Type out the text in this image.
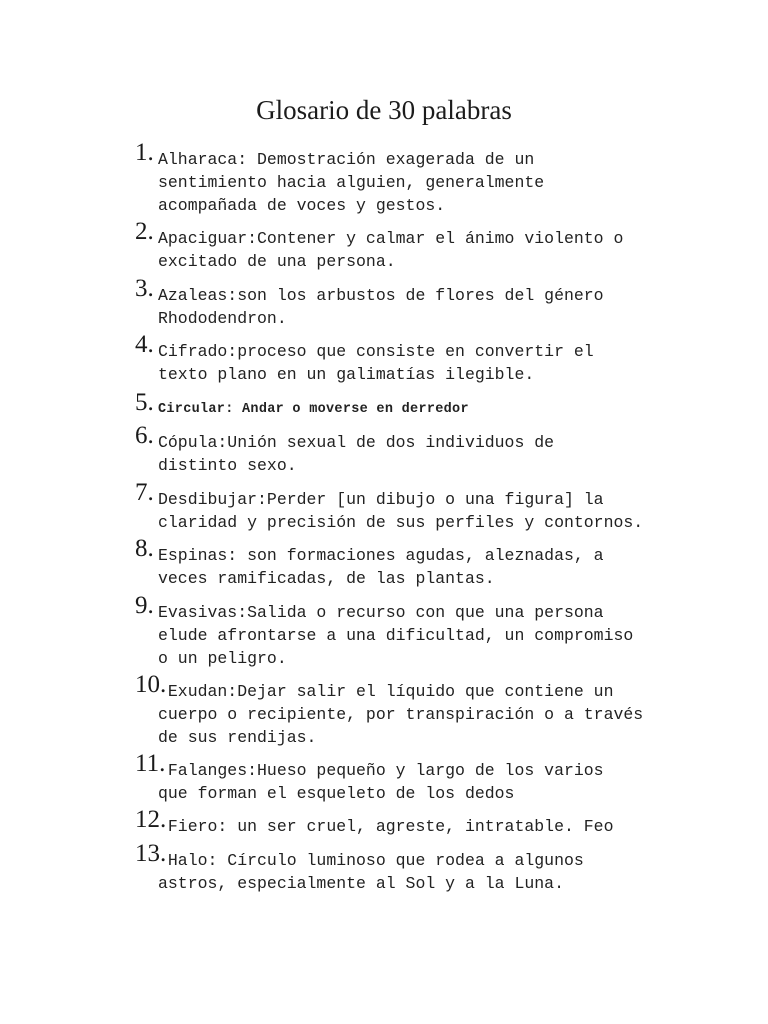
Glosario de 30 palabras
1. Alharaca: Demostración exagerada de un
sentimiento hacia alguien, generalmente
acompañada de voces y gestos.
2. Apaciguar:Contener y calmar el ánimo violento o
excitado de una persona.
3. Azaleas:son los arbustos de flores del género
Rhododendron.
4. Cifrado:proceso que consiste en convertir el
texto plano en un galimatías ilegible.
5. Circular: Andar o moverse en derredor
6. Cópula:Unión sexual de dos individuos de
distinto sexo.
7. Desdibujar:Perder [un dibujo o una figura] la
claridad y precisión de sus perfiles y contornos.
8. Espinas: son formaciones agudas, aleznadas, a
veces ramificadas, de las plantas.
9. Evasivas:Salida o recurso con que una persona
elude afrontarse a una dificultad, un compromiso
o un peligro.
10.
Exudan:Dejar salir el líquido que contiene un
cuerpo o recipiente, por transpiración o a través
de sus rendijas.
11.
Falanges:Hueso pequeño y largo de los varios
que forman el esqueleto de los dedos
12.
Fiero: un ser cruel, agreste, intratable. Feo
13.
Halo: Círculo luminoso que rodea a algunos
astros, especialmente al Sol y a la Luna.
